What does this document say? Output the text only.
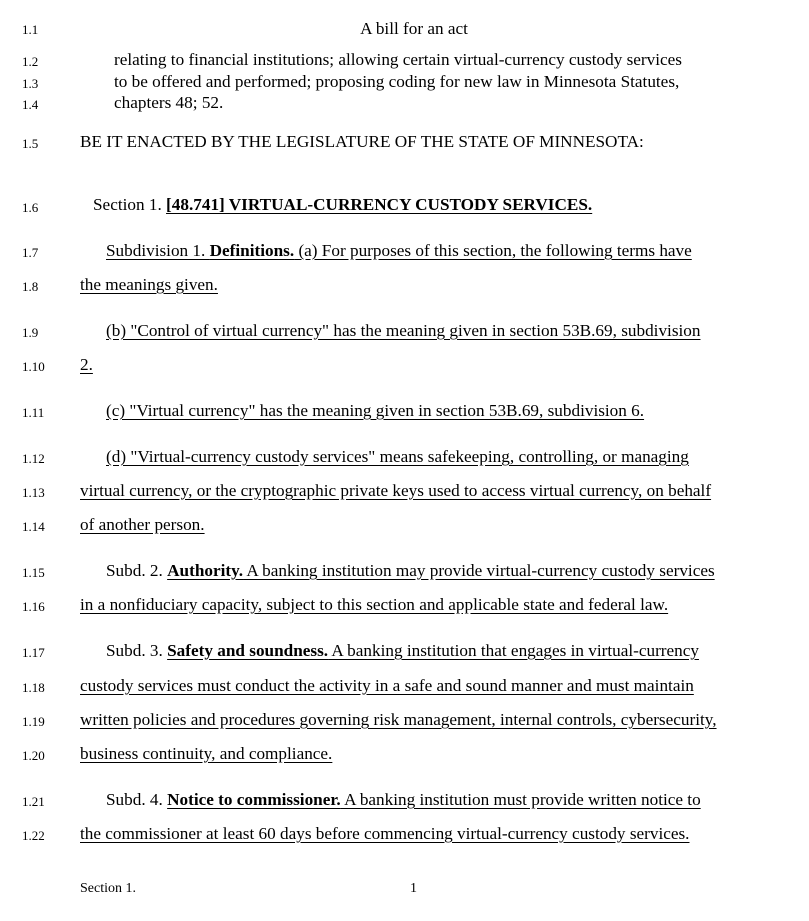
1.1
1.2
1.3
1.4
1.5
1.6
1.7
1.8
1.9
1.10
1.11
1.12
1.13
1.14
1.15
1.16
1.17
1.18
1.19
1.20
1.21
1.22
A bill for an act
relating to financial institutions; allowing certain virtual-currency custody services
to be offered and performed; proposing coding for new law in Minnesota Statutes,
chapters 48; 52.
BE IT ENACTED BY THE LEGISLATURE OF THE STATE OF MINNESOTA:
Section 1. [48.741] VIRTUAL-CURRENCY CUSTODY SERVICES.
Subdivision 1. Definitions. (a) For purposes of this section, the following terms have
the meanings given.
(b) "Control of virtual currency" has the meaning given in section 53B.69, subdivision
2.
(c) "Virtual currency" has the meaning given in section 53B.69, subdivision 6.
(d) "Virtual-currency custody services" means safekeeping, controlling, or managing
virtual currency, or the cryptographic private keys used to access virtual currency, on behalf
of another person.
Subd. 2. Authority. A banking institution may provide virtual-currency custody services
in a nonfiduciary capacity, subject to this section and applicable state and federal law.
Subd. 3. Safety and soundness. A banking institution that engages in virtual-currency
custody services must conduct the activity in a safe and sound manner and must maintain
written policies and procedures governing risk management, internal controls, cybersecurity,
business continuity, and compliance.
Subd. 4. Notice to commissioner. A banking institution must provide written notice to
the commissioner at least 60 days before commencing virtual-currency custody services.
Section 1.	1
